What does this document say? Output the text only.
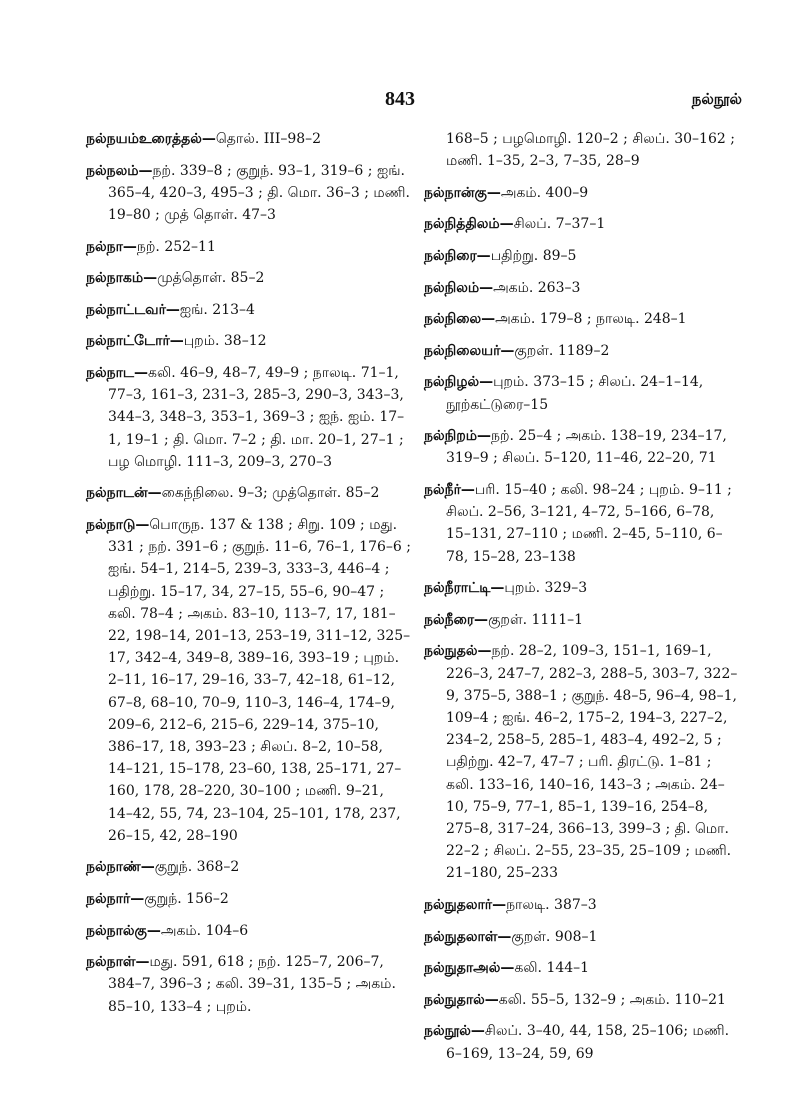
843	நல்நூல்
நல்நயம்உரைத்தல்—தொல். III–98–2
நல்நலம்—நற். 339–8 ; குறுந். 93–1, 319–6 ; ஐங். 365–4, 420–3, 495–3 ; தி. மொ. 36–3 ; மணி. 19–80 ; முத் தொள். 47–3
நல்நா—நற். 252–11
நல்நாகம்—முத்தொள். 85–2
நல்நாட்டவர்—ஐங். 213–4
நல்நாட்டோர்—புறம். 38–12
நல்நாட—கலி. 46–9, 48–7, 49–9 ; நாலடி. 71–1, 77–3, 161–3, 231–3, 285–3, 290–3, 343–3, 344–3, 348–3, 353–1, 369–3 ; ஐந். ஐம். 17–1, 19–1 ; தி. மொ. 7–2 ; தி. மா. 20–1, 27–1 ; பழ மொழி. 111–3, 209–3, 270–3
நல்நாடன்—கைந்நிலை. 9–3; முத்தொள். 85–2
நல்நாடு—பொருந. 137 & 138 ; சிறு. 109 ; மது. 331 ; நற். 391–6 ; குறுந். 11–6, 76–1, 176–6 ; ஐங். 54–1, 214–5, 239–3, 333–3, 446–4 ; பதிற்று. 15–17, 34, 27–15, 55–6, 90–47 ; கலி. 78–4 ; அகம். 83–10, 113–7, 17, 181–22, 198–14, 201–13, 253–19, 311–12, 325–17, 342–4, 349–8, 389–16, 393–19 ; புறம். 2–11, 16–17, 29–16, 33–7, 42–18, 61–12, 67–8, 68–10, 70–9, 110–3, 146–4, 174–9, 209–6, 212–6, 215–6, 229–14, 375–10, 386–17, 18, 393–23 ; சிலப். 8–2, 10–58, 14–121, 15–178, 23–60, 138, 25–171, 27–160, 178, 28–220, 30–100 ; மணி. 9–21, 14–42, 55, 74, 23–104, 25–101, 178, 237, 26–15, 42, 28–190
நல்நாண்—குறுந். 368–2
நல்நார்—குறுந். 156–2
நல்நால்கு—அகம். 104–6
நல்நாள்—மது. 591, 618 ; நற். 125–7, 206–7, 384–7, 396–3 ; கலி. 39–31, 135–5 ; அகம். 85–10, 133–4 ; புறம்.
168–5 ; பழமொழி. 120–2 ; சிலப். 30–162 ; மணி. 1–35, 2–3, 7–35, 28–9
நல்நான்கு—அகம். 400–9
நல்நித்திலம்—சிலப். 7–37–1
நல்நிரை—பதிற்று. 89–5
நல்நிலம்—அகம். 263–3
நல்நிலை—அகம். 179–8 ; நாலடி. 248–1
நல்நிலையர்—குறள். 1189–2
நல்நிழல்—புறம். 373–15 ; சிலப். 24–1–14, நூற்கட்டுரை–15
நல்நிறம்—நற். 25–4 ; அகம். 138–19, 234–17, 319–9 ; சிலப். 5–120, 11–46, 22–20, 71
நல்நீர்—பரி. 15–40 ; கலி. 98–24 ; புறம். 9–11 ; சிலப். 2–56, 3–121, 4–72, 5–166, 6–78, 15–131, 27–110 ; மணி. 2–45, 5–110, 6–78, 15–28, 23–138
நல்நீராட்டி—புறம். 329–3
நல்நீரை—குறள். 1111–1
நல்நுதல்—நற். 28–2, 109–3, 151–1, 169–1, 226–3, 247–7, 282–3, 288–5, 303–7, 322–9, 375–5, 388–1 ; குறுந். 48–5, 96–4, 98–1, 109–4 ; ஐங். 46–2, 175–2, 194–3, 227–2, 234–2, 258–5, 285–1, 483–4, 492–2, 5 ; பதிற்று. 42–7, 47–7 ; பரி. திரட்டு. 1–81 ; கலி. 133–16, 140–16, 143–3 ; அகம். 24–10, 75–9, 77–1, 85–1, 139–16, 254–8, 275–8, 317–24, 366–13, 399–3 ; தி. மொ. 22–2 ; சிலப். 2–55, 23–35, 25–109 ; மணி. 21–180, 25–233
நல்நுதலார்—நாலடி. 387–3
நல்நுதலாள்—குறள். 908–1
நல்நுதாஅல்—கலி. 144–1
நல்நுதால்—கலி. 55–5, 132–9 ; அகம். 110–21
நல்நூல்—சிலப். 3–40, 44, 158, 25–106; மணி. 6–169, 13–24, 59, 69
